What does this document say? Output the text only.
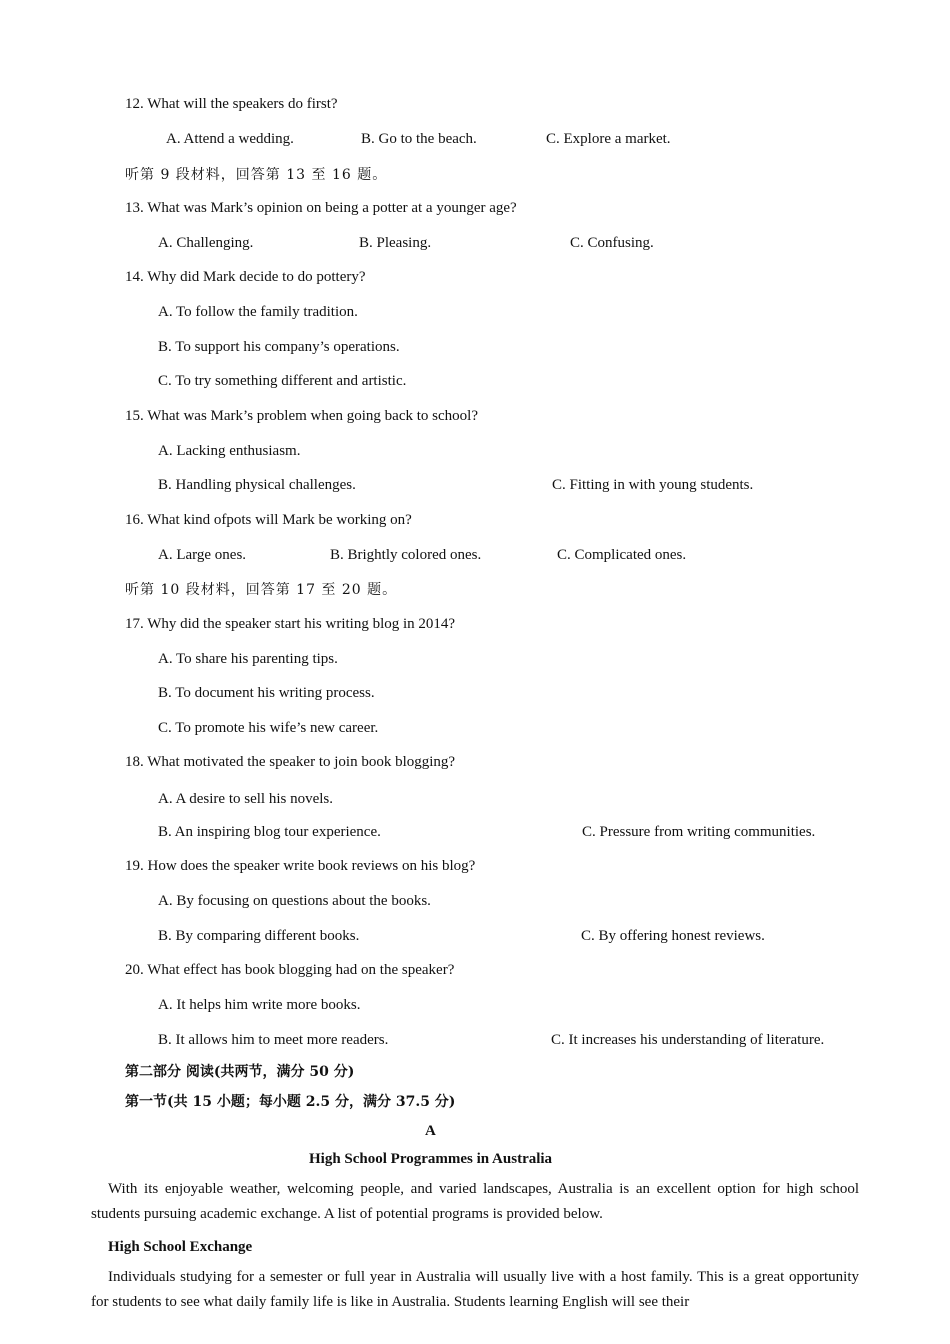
12. What will the speakers do first?
A. Attend a wedding.	B. Go to the beach.	C. Explore a market.
听第 9 段材料，回答第 13 至 16 题。
13. What was Mark’s opinion on being a potter at a younger age?
A. Challenging.	B. Pleasing.	C. Confusing.
14. Why did Mark decide to do pottery?
A. To follow the family tradition.
B. To support his company’s operations.
C. To try something different and artistic.
15. What was Mark’s problem when going back to school?
A. Lacking enthusiasm.
B. Handling physical challenges.	C. Fitting in with young students.
16. What kind ofpots will Mark be working on?
A. Large ones.	B. Brightly colored ones.	C. Complicated ones.
听第 10 段材料，回答第 17 至 20 题。
17. Why did the speaker start his writing blog in 2014?
A. To share his parenting tips.
B. To document his writing process.
C. To promote his wife’s new career.
18. What motivated the speaker to join book blogging?
A. A desire to sell his novels.
B. An inspiring blog tour experience.	C. Pressure from writing communities.
19. How does the speaker write book reviews on his blog?
A. By focusing on questions about the books.
B. By comparing different books.	C. By offering honest reviews.
20. What effect has book blogging had on the speaker?
A. It helps him write more books.
B. It allows him to meet more readers.	C. It increases his understanding of literature.
第二部分 阅读(共两节，满分 50 分)
第一节(共 15 小题；每小题 2.5 分，满分 37.5 分)
A
High School Programmes in Australia
With its enjoyable weather, welcoming people, and varied landscapes, Australia is an excellent option for high school students pursuing academic exchange. A list of potential programs is provided below.
High School Exchange
Individuals studying for a semester or full year in Australia will usually live with a host family. This is a great opportunity for students to see what daily family life is like in Australia. Students learning English will see their
